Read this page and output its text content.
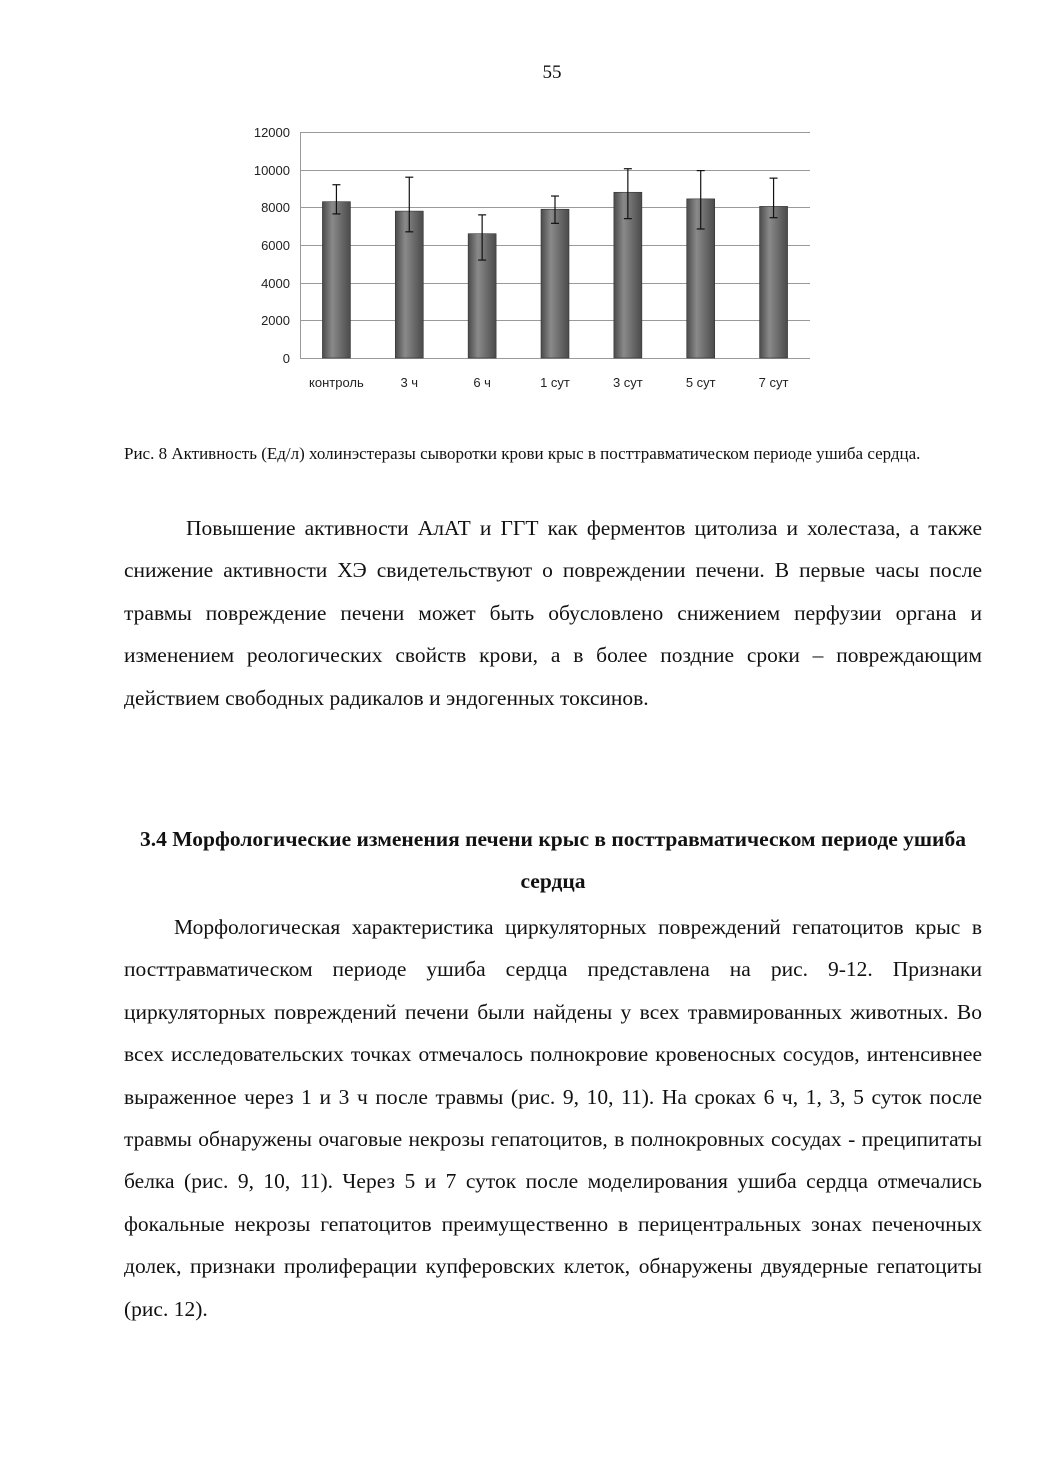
55
0
2000
4000
6000
8000
10000
12000
контроль	3 ч	6 ч	1 сут	3 сут	5 сут	7 сут
Рис. 8 Активность (Ед/л) холинэстеразы сыворотки крови крыс в посттравматическом периоде ушиба сердца.

Повышение активности АлАТ и ГГТ как ферментов цитолиза и холестаза, а также снижение активности ХЭ свидетельствуют о повреждении печени. В первые часы после травмы повреждение печени может быть обусловлено снижением перфузии органа и изменением реологических свойств крови, а в более поздние сроки – повреждающим действием свободных радикалов и эндогенных токсинов.

3.4 Морфологические изменения печени крыс в посттравматическом периоде ушиба сердца

Морфологическая характеристика циркуляторных повреждений гепатоцитов крыс в посттравматическом периоде ушиба сердца представлена на рис. 9-12. Признаки циркуляторных повреждений печени были найдены у всех травмированных животных. Во всех исследовательских точках отмечалось полнокровие кровеносных сосудов, интенсивнее выраженное через 1 и 3 ч после травмы (рис. 9, 10, 11). На сроках 6 ч, 1, 3, 5 суток после травмы обнаружены очаговые некрозы гепатоцитов, в полнокровных сосудах - преципитаты белка (рис. 9, 10, 11). Через 5 и 7 суток после моделирования ушиба сердца отмечались фокальные некрозы гепатоцитов преимущественно в перицентральных зонах печеночных долек, признаки пролиферации купферовских клеток, обнаружены двуядерные гепатоциты (рис. 12).
